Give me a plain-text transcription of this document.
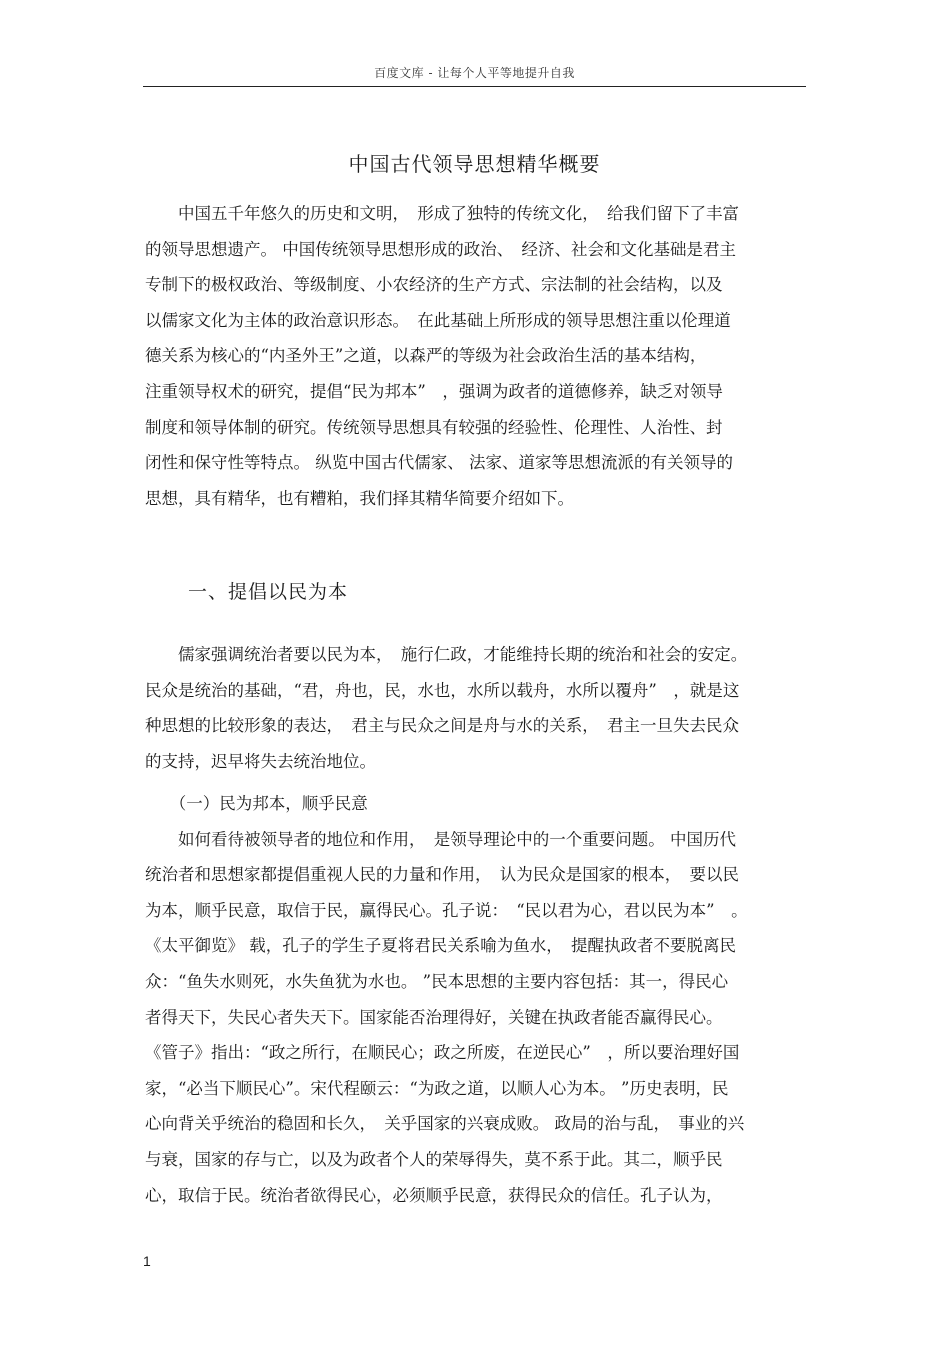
百度文库 - 让每个人平等地提升自我
中国古代领导思想精华概要
　　中国五千年悠久的历史和文明，　形成了独特的传统文化，　给我们留下了丰富
的领导思想遗产。 中国传统领导思想形成的政治、　经济、社会和文化基础是君主
专制下的极权政治、等级制度、小农经济的生产方式、宗法制的社会结构，以及
以儒家文化为主体的政治意识形态。　在此基础上所形成的领导思想注重以伦理道
德关系为核心的“内圣外王”之道，以森严的等级为社会政治生活的基本结构，
注重领导权术的研究，提倡“民为邦本”　，强调为政者的道德修养，缺乏对领导
制度和领导体制的研究。传统领导思想具有较强的经验性、伦理性、人治性、封
闭性和保守性等特点。 纵览中国古代儒家、 法家、道家等思想流派的有关领导的
思想，具有精华，也有糟粕，我们择其精华简要介绍如下。
一、提倡以民为本
　　儒家强调统治者要以民为本，　施行仁政，才能维持长期的统治和社会的安定。
民众是统治的基础，“君，舟也，民，水也，水所以载舟，水所以覆舟”　，就是这
种思想的比较形象的表达，　君主与民众之间是舟与水的关系，　君主一旦失去民众
的支持，迟早将失去统治地位。
　　（一）民为邦本，顺乎民意
　　如何看待被领导者的地位和作用，　是领导理论中的一个重要问题。 中国历代
统治者和思想家都提倡重视人民的力量和作用，　认为民众是国家的根本，　要以民
为本，顺乎民意，取信于民，赢得民心。孔子说：　“民以君为心，君以民为本”　。
《太平御览》 载，孔子的学生子夏将君民关系喻为鱼水，　提醒执政者不要脱离民
众：“鱼失水则死，水失鱼犹为水也。 ”民本思想的主要内容包括：其一，得民心
者得天下，失民心者失天下。国家能否治理得好，关键在执政者能否赢得民心。
《管子》指出：“政之所行，在顺民心；政之所废，在逆民心”　，所以要治理好国
家，“必当下顺民心”。宋代程颐云：“为政之道，以顺人心为本。 ”历史表明，民
心向背关乎统治的稳固和长久，　关乎国家的兴衰成败。 政局的治与乱，　事业的兴
与衰，国家的存与亡，以及为政者个人的荣辱得失，莫不系于此。其二，顺乎民
心，取信于民。统治者欲得民心，必须顺乎民意，获得民众的信任。孔子认为，
1
